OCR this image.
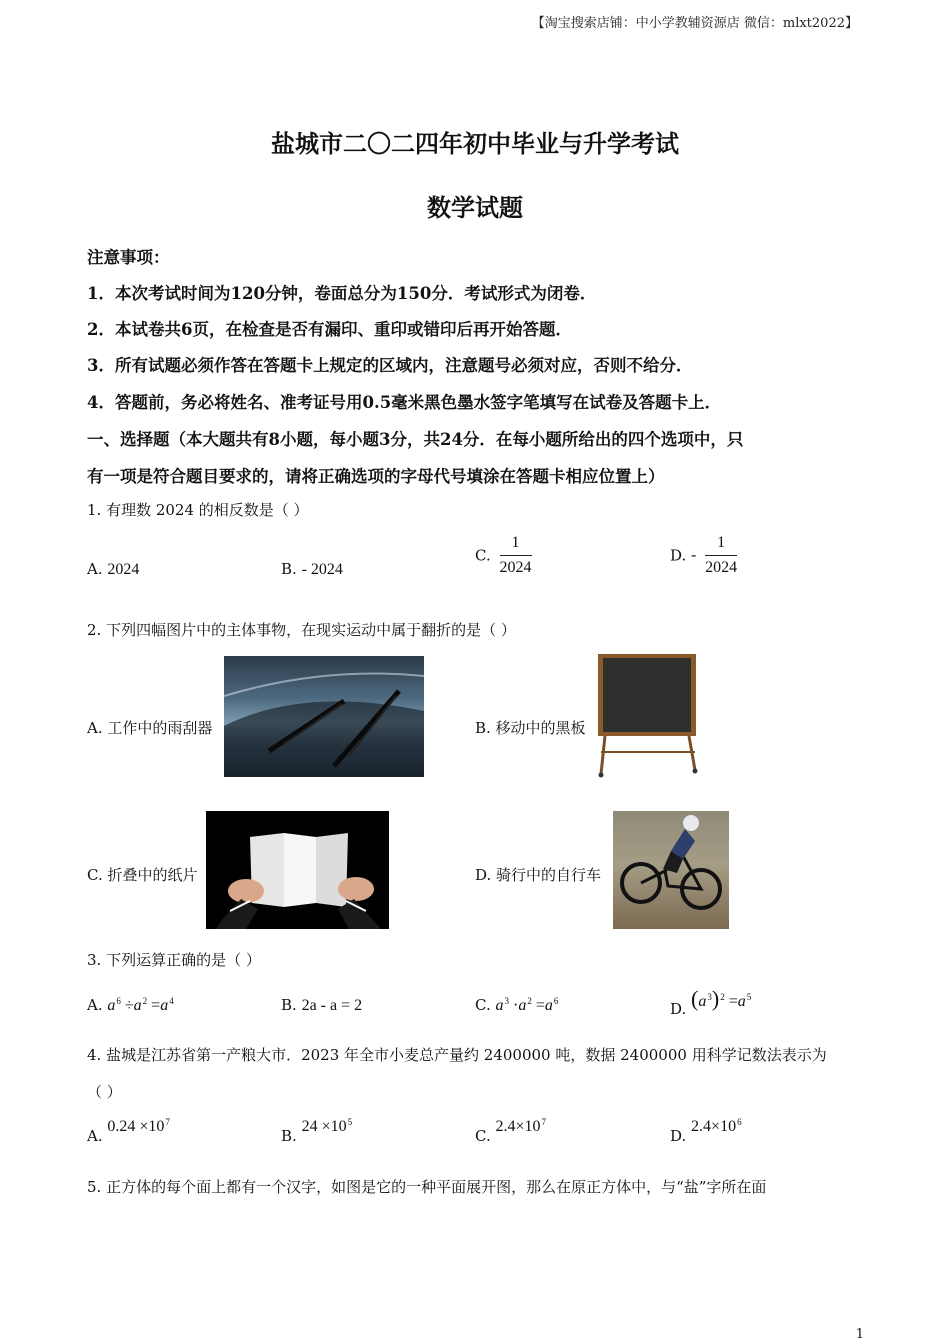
【淘宝搜索店铺：中小学教辅资源店 微信：mlxt2022】
盐城市二〇二四年初中毕业与升学考试
数学试题
注意事项：
1．本次考试时间为120分钟，卷面总分为150分．考试形式为闭卷．
2．本试卷共6页，在检查是否有漏印、重印或错印后再开始答题．
3．所有试题必须作答在答题卡上规定的区域内，注意题号必须对应，否则不给分．
4．答题前，务必将姓名、准考证号用0.5毫米黑色墨水签字笔填写在试卷及答题卡上．
一、选择题（本大题共有8小题，每小题3分，共24分．在每小题所给出的四个选项中，只
有一项是符合题目要求的，请将正确选项的字母代号填涂在答题卡相应位置上）
1. 有理数 2024 的相反数是（ ）
A. 2024	B. - 2024
C. $\frac{1}{2024}$	D. - $\frac{1}{2024}$
2. 下列四幅图片中的主体事物，在现实运动中属于翻折的是（ ）
A. 工作中的雨刮器	B. 移动中的黑板
C. 折叠中的纸片	D. 骑行中的自行车
3. 下列运算正确的是（ ）
A. $a^6 \div a^2 =a^4$	B. 2a - a = 2	C. $a^3 \cdot a^2 =a^6$	D. $(a^3)^2 =a^5$
4. 盐城是江苏省第一产粮大市．2023 年全市小麦总产量约 2400000 吨，数据 2400000 用科学记数法表示为
（ ）
A. $0.24 \times 10^7$
B. $24 \times 10^5$
C. $2.4\times 10^7$
D. $2.4\times 10^6$
5. 正方体的每个面上都有一个汉字，如图是它的一种平面展开图，那么在原正方体中，与“盐”字所在面
1
